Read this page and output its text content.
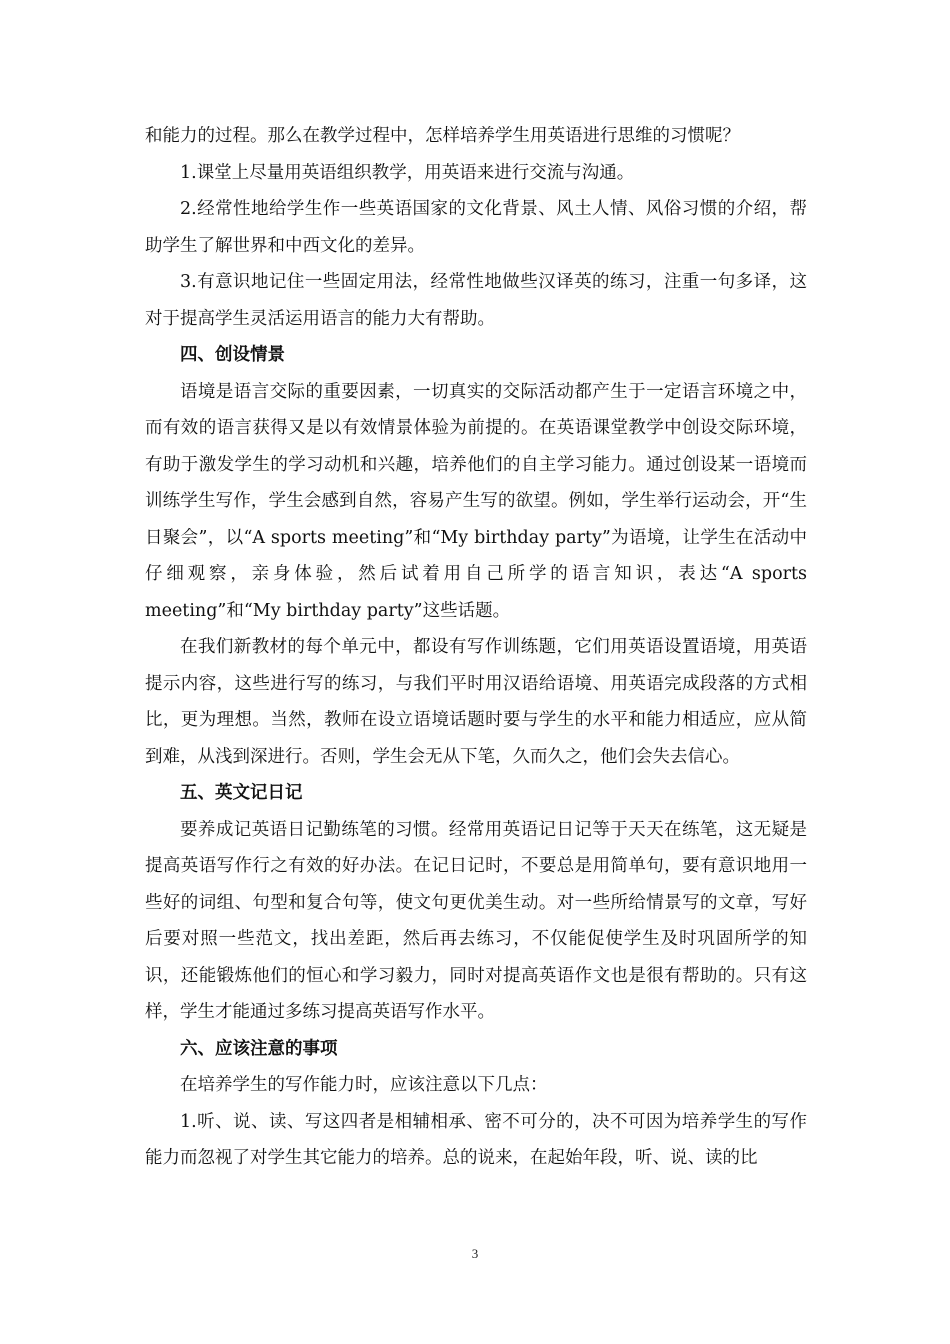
和能力的过程。那么在教学过程中，怎样培养学生用英语进行思维的习惯呢？

1.课堂上尽量用英语组织教学，用英语来进行交流与沟通。

2.经常性地给学生作一些英语国家的文化背景、风土人情、风俗习惯的介绍，帮助学生了解世界和中西文化的差异。

3.有意识地记住一些固定用法，经常性地做些汉译英的练习，注重一句多译，这对于提高学生灵活运用语言的能力大有帮助。

四、创设情景

语境是语言交际的重要因素，一切真实的交际活动都产生于一定语言环境之中，而有效的语言获得又是以有效情景体验为前提的。在英语课堂教学中创设交际环境，有助于激发学生的学习动机和兴趣，培养他们的自主学习能力。通过创设某一语境而训练学生写作，学生会感到自然，容易产生写的欲望。例如，学生举行运动会，开“生日聚会”，以“A sports meeting”和“My birthday party”为语境，让学生在活动中仔细观察，亲身体验，然后试着用自己所学的语言知识，表达“A sports meeting”和“My birthday party”这些话题。

在我们新教材的每个单元中，都设有写作训练题，它们用英语设置语境，用英语提示内容，这些进行写的练习，与我们平时用汉语给语境、用英语完成段落的方式相比，更为理想。当然，教师在设立语境话题时要与学生的水平和能力相适应，应从简到难，从浅到深进行。否则，学生会无从下笔，久而久之，他们会失去信心。

五、英文记日记

要养成记英语日记勤练笔的习惯。经常用英语记日记等于天天在练笔，这无疑是提高英语写作行之有效的好办法。在记日记时，不要总是用简单句，要有意识地用一些好的词组、句型和复合句等，使文句更优美生动。对一些所给情景写的文章，写好后要对照一些范文，找出差距，然后再去练习，不仅能促使学生及时巩固所学的知识，还能锻炼他们的恒心和学习毅力，同时对提高英语作文也是很有帮助的。只有这样，学生才能通过多练习提高英语写作水平。

六、应该注意的事项

在培养学生的写作能力时，应该注意以下几点：

1.听、说、读、写这四者是相辅相承、密不可分的，决不可因为培养学生的写作能力而忽视了对学生其它能力的培养。总的说来，在起始年段，听、说、读的比

3
